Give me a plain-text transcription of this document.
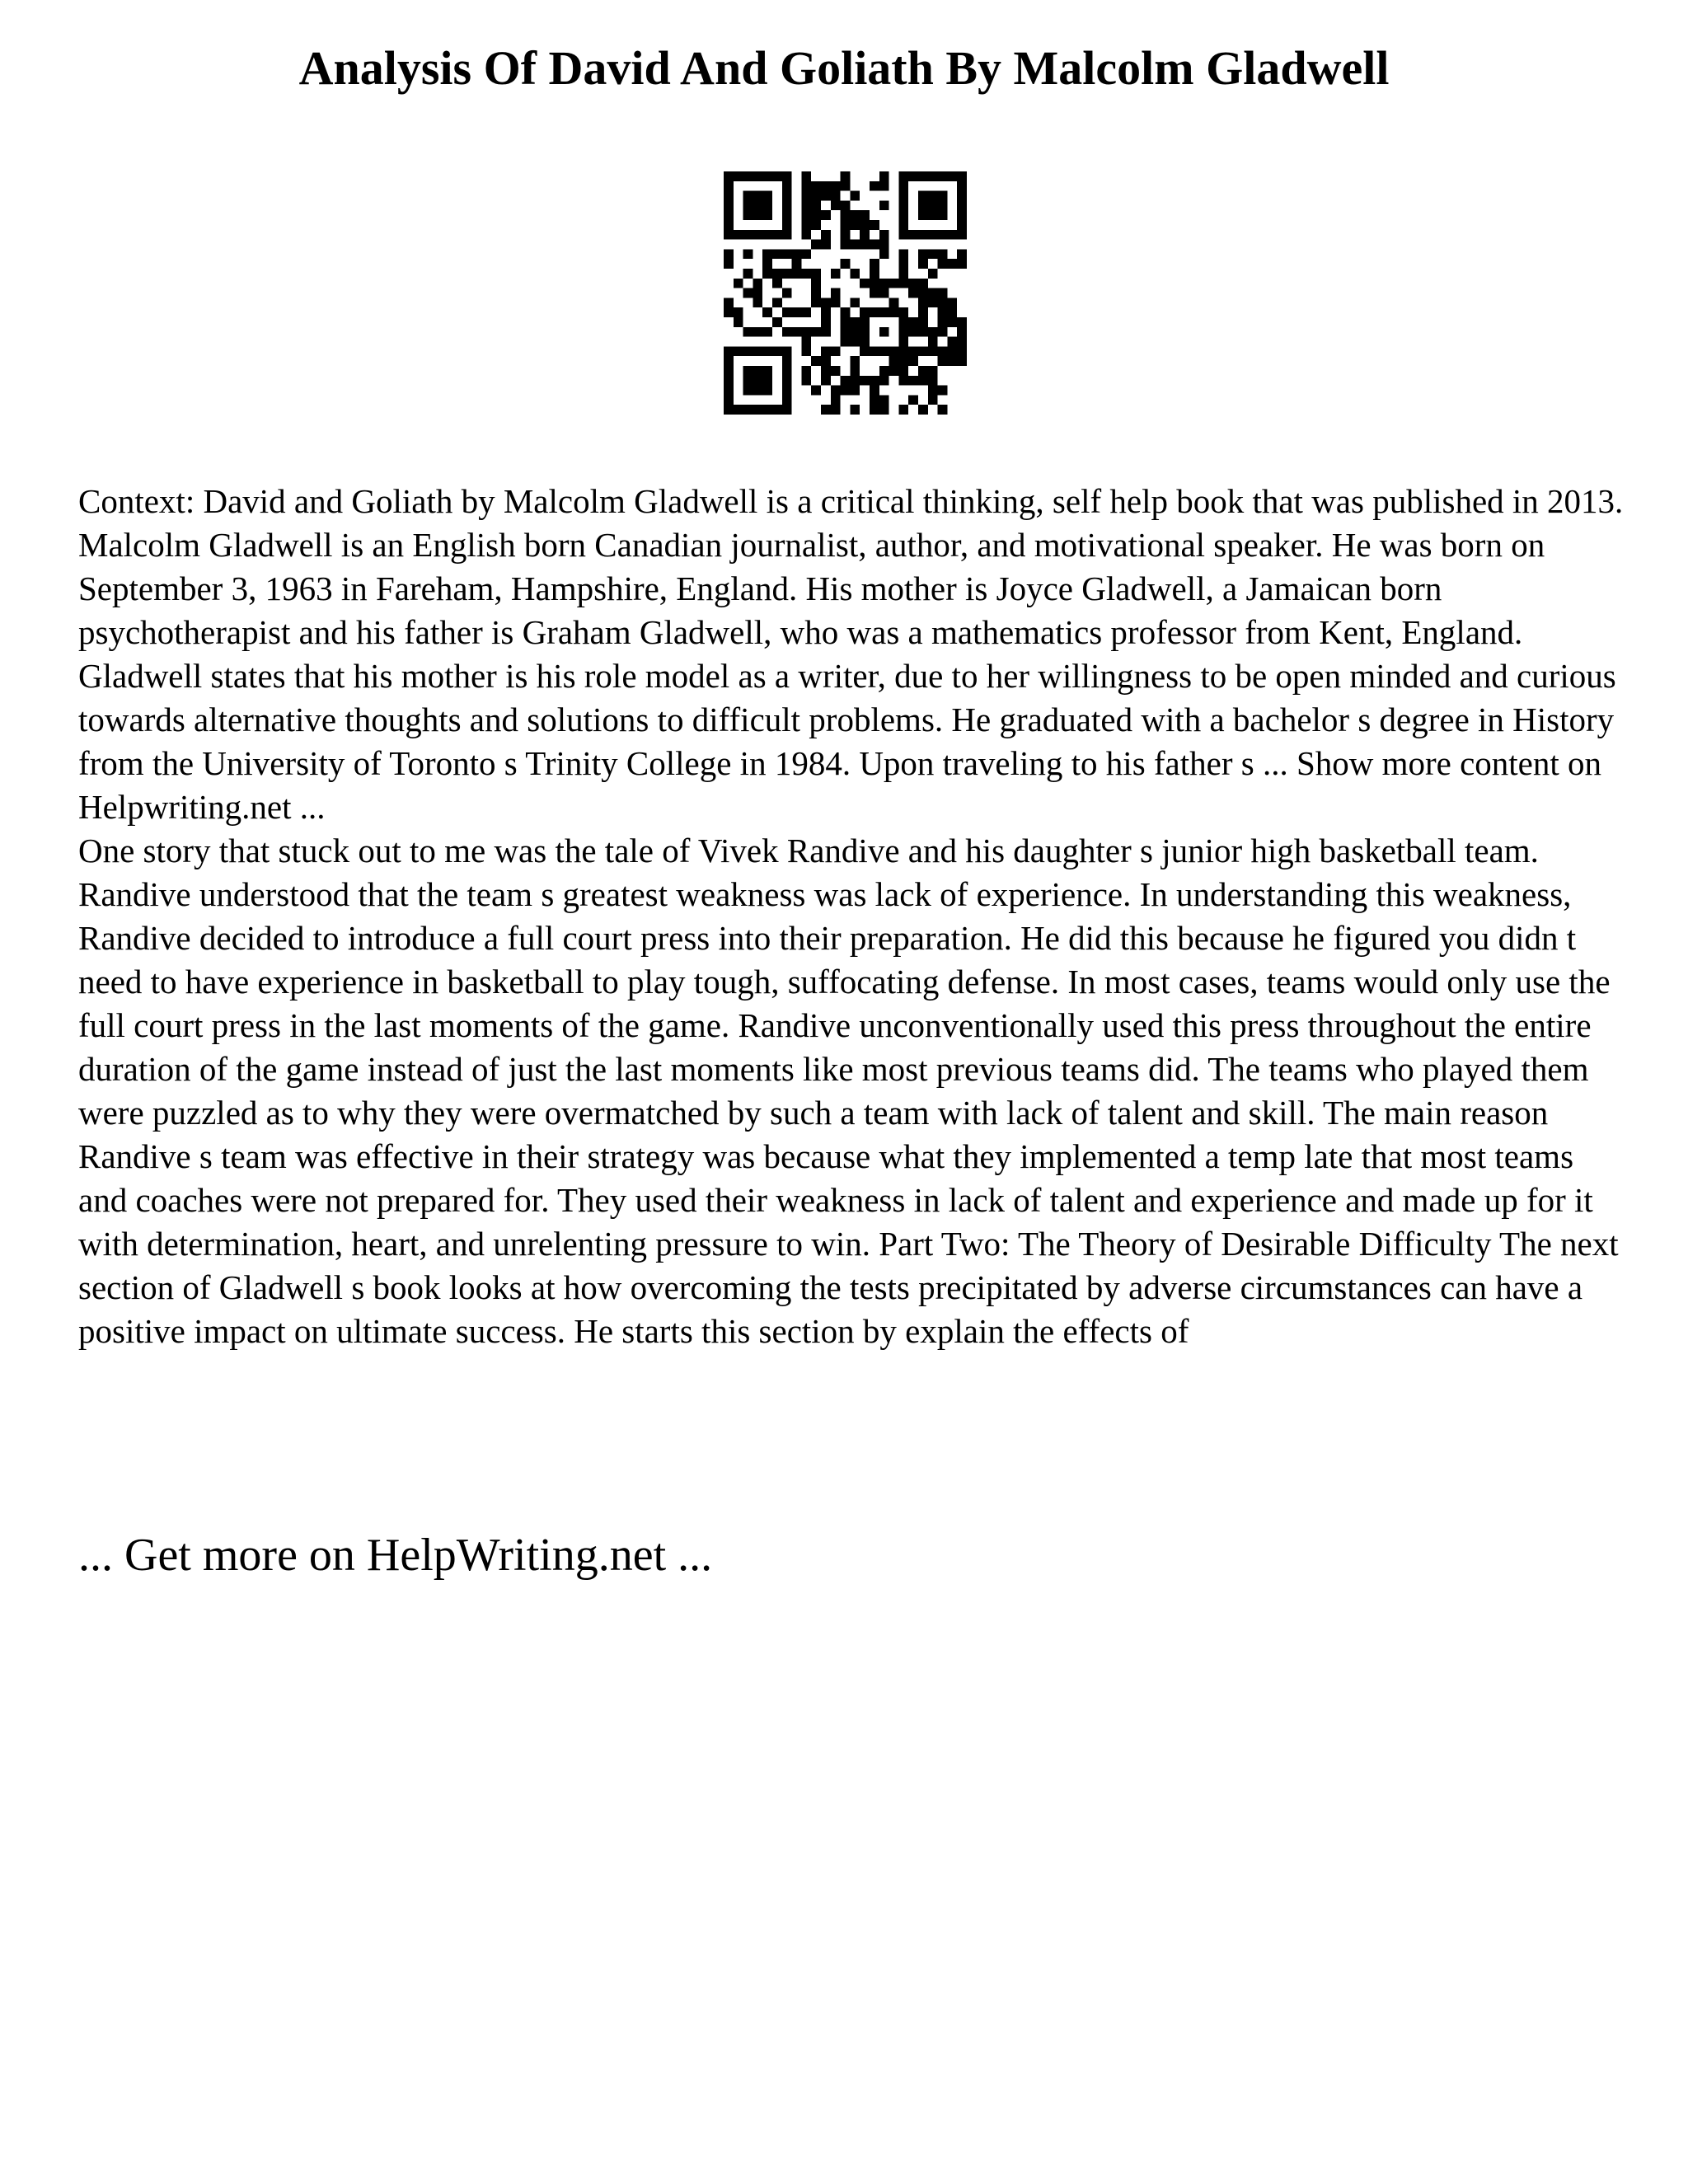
Analysis Of David And Goliath By Malcolm Gladwell

Context: David and Goliath by Malcolm Gladwell is a critical thinking, self help book that was published in 2013. Malcolm Gladwell is an English born Canadian journalist, author, and motivational speaker. He was born on September 3, 1963 in Fareham, Hampshire, England. His mother is Joyce Gladwell, a Jamaican born psychotherapist and his father is Graham Gladwell, who was a mathematics professor from Kent, England. Gladwell states that his mother is his role model as a writer, due to her willingness to be open minded and curious towards alternative thoughts and solutions to difficult problems. He graduated with a bachelor s degree in History from the University of Toronto s Trinity College in 1984. Upon traveling to his father s ... Show more content on Helpwriting.net ...

One story that stuck out to me was the tale of Vivek Randive and his daughter s junior high basketball team. Randive understood that the team s greatest weakness was lack of experience. In understanding this weakness, Randive decided to introduce a full court press into their preparation. He did this because he figured you didn t need to have experience in basketball to play tough, suffocating defense. In most cases, teams would only use the full court press in the last moments of the game. Randive unconventionally used this press throughout the entire duration of the game instead of just the last moments like most previous teams did. The teams who played them were puzzled as to why they were overmatched by such a team with lack of talent and skill. The main reason Randive s team was effective in their strategy was because what they implemented a temp late that most teams and coaches were not prepared for. They used their weakness in lack of talent and experience and made up for it with determination, heart, and unrelenting pressure to win. Part Two: The Theory of Desirable Difficulty The next section of Gladwell s book looks at how overcoming the tests precipitated by adverse circumstances can have a positive impact on ultimate success. He starts this section by explain the effects of

... Get more on HelpWriting.net ...
